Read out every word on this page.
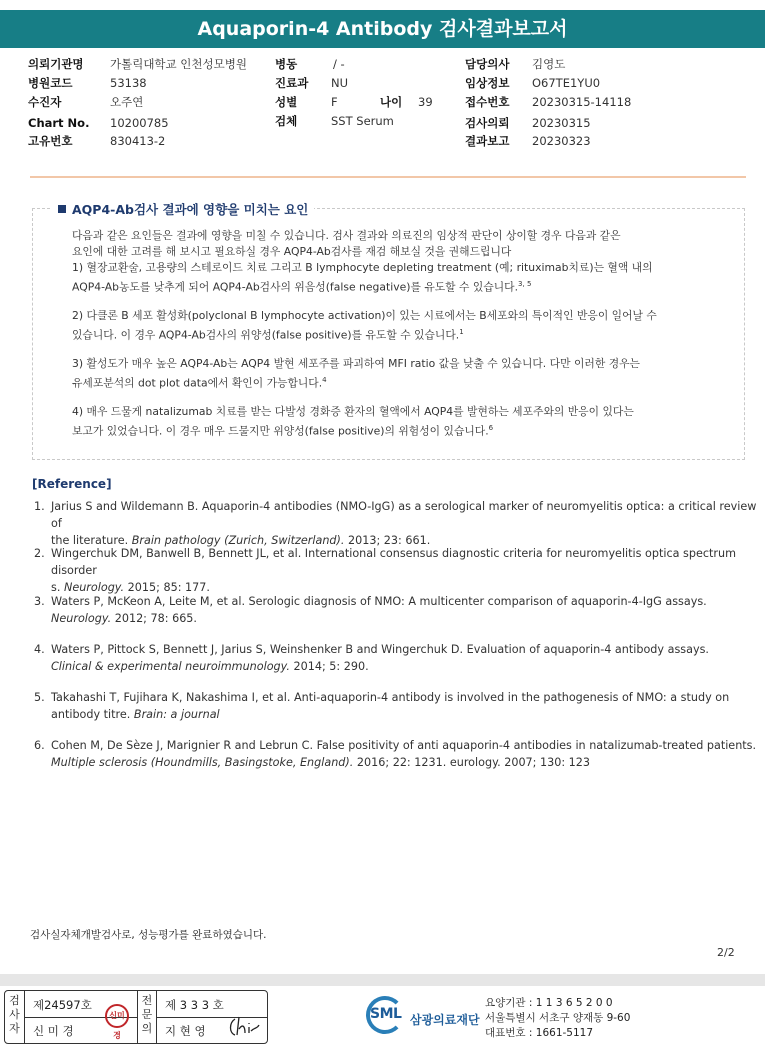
Aquaporin-4 Antibody 검사결과보고서
의뢰기관명 가톨릭대학교 인천성모병원
병원코드	53138
수진자	오주연
Chart No. 10200785
고유번호	830413-2
병동	/ -
진료과 NU
성별	F	나이 39
검체	SST Serum
담당의사 김영도
임상정보 O67TE1YU0
접수번호 20230315-14118
검사의뢰 20230315
결과보고 20230323
AQP4-Ab검사 결과에 영향을 미치는 요인
다음과 같은 요인들은 결과에 영향을 미칠 수 있습니다. 검사 결과와 의료진의 임상적 판단이 상이할 경우 다음과 같은
요인에 대한 고려를 해 보시고 필요하실 경우 AQP4-Ab검사를 재검 해보실 것을 권해드립니다
1) 혈장교환술, 고용량의 스테로이드 치료 그리고 B lymphocyte depleting treatment (예; rituximab치료)는 혈액 내의
AQP4-Ab농도를 낮추게 되어 AQP4-Ab검사의 위음성(false negative)를 유도할 수 있습니다.$^{3, 5}$
2) 다클론 B 세포 활성화(polyclonal B lymphocyte activation)이 있는 시료에서는 B세포와의 특이적인 반응이 일어날 수
있습니다. 이 경우 AQP4-Ab검사의 위양성(false positive)를 유도할 수 있습니다.$^1$
3) 활성도가 매우 높은 AQP4-Ab는 AQP4 발현 세포주를 파괴하여 MFI ratio 값을 낮출 수 있습니다. 다만 이러한 경우는
유세포분석의 dot plot data에서 확인이 가능합니다.$^4$
4) 매우 드물게 natalizumab 치료를 받는 다발성 경화증 환자의 혈액에서 AQP4를 발현하는 세포주와의 반응이 있다는
보고가 있었습니다. 이 경우 매우 드물지만 위양성(false positive)의 위험성이 있습니다.$^6$
[Reference]
1. Jarius S and Wildemann B. Aquaporin-4 antibodies (NMO-IgG) as a serological marker of neuromyelitis optica: a critical review of
the literature. Brain pathology (Zurich, Switzerland). 2013; 23: 661.
2. Wingerchuk DM, Banwell B, Bennett JL, et al. International consensus diagnostic criteria for neuromyelitis optica spectrum disorder
s. Neurology. 2015; 85: 177.
3. Waters P, McKeon A, Leite M, et al. Serologic diagnosis of NMO: A multicenter comparison of aquaporin-4-IgG assays.
Neurology. 2012; 78: 665.
4. Waters P, Pittock S, Bennett J, Jarius S, Weinshenker B and Wingerchuk D. Evaluation of aquaporin-4 antibody assays.
Clinical & experimental neuroimmunology. 2014; 5: 290.
5. Takahashi T, Fujihara K, Nakashima I, et al. Anti-aquaporin-4 antibody is involved in the pathogenesis of NMO: a study on
antibody titre. Brain: a journal
6. Cohen M, De Sèze J, Marignier R and Lebrun C. False positivity of anti aquaporin-4 antibodies in natalizumab-treated patients.
Multiple sclerosis (Houndmills, Basingstoke, England). 2016; 22: 1231. eurology. 2007; 130: 123
검사실자체개발검사로, 성능평가를 완료하였습니다.
2/2
검
사
자
제24597호
신 미 경
신미경
전
문
의
제 3 3 3 호
지 현 영
SML 삼광의료재단
요양기관 : 1 1 3 6 5 2 0 0
서울특별시 서초구 양재동 9-60
대표번호 : 1661-5117
